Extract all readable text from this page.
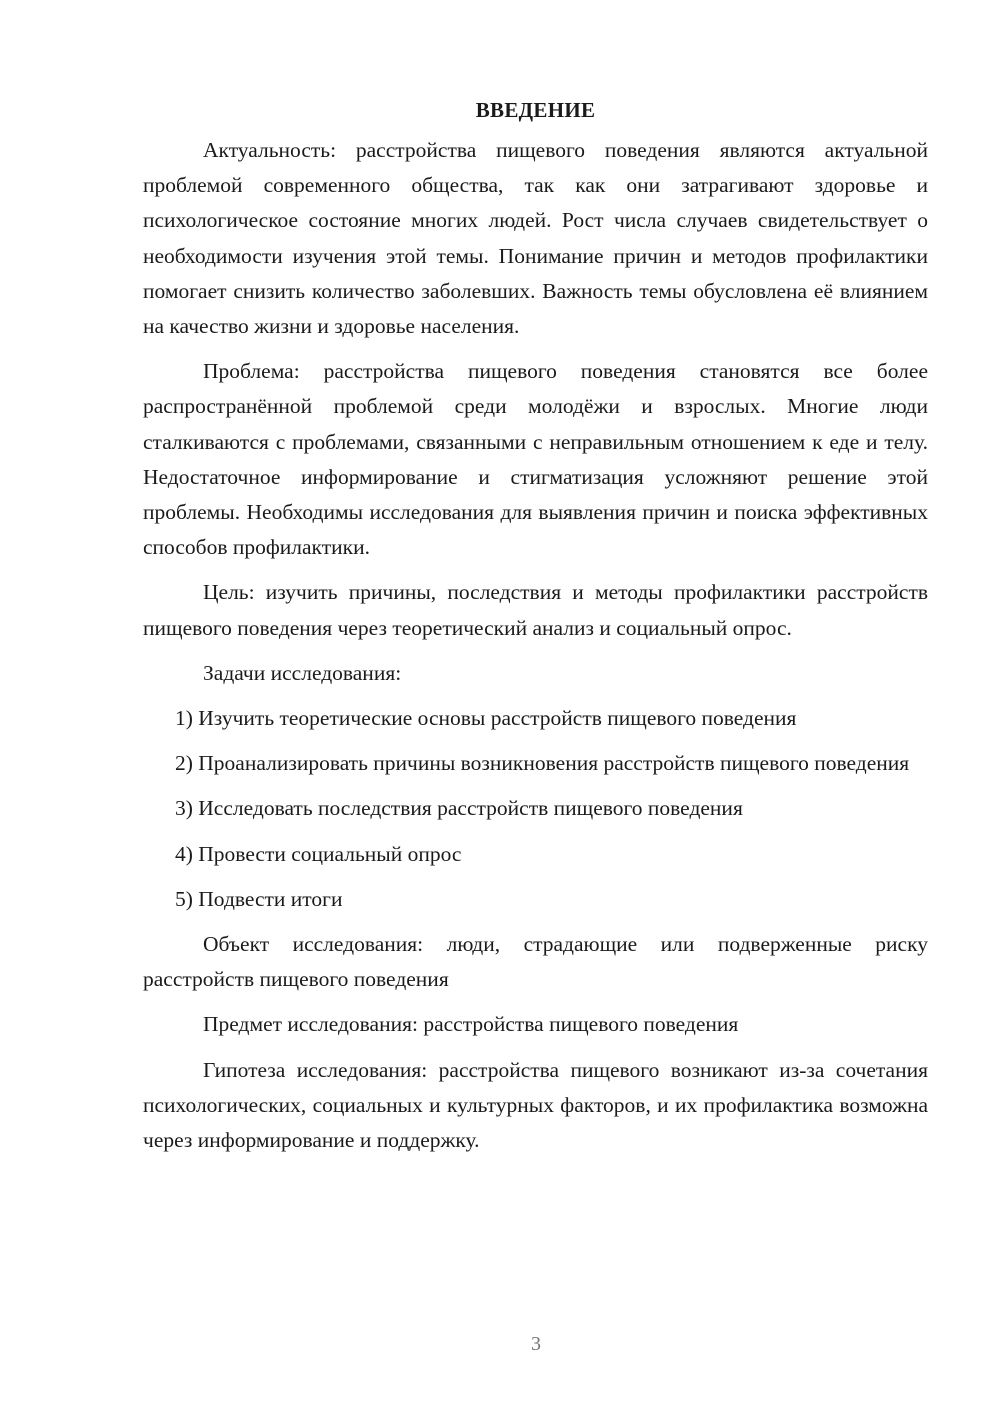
ВВЕДЕНИЕ

Актуальность: расстройства пищевого поведения являются актуальной проблемой современного общества, так как они затрагивают здоровье и психологическое состояние многих людей. Рост числа случаев свидетельствует о необходимости изучения этой темы. Понимание причин и методов профилактики помогает снизить количество заболевших. Важность темы обусловлена её влиянием на качество жизни и здоровье населения.

Проблема: расстройства пищевого поведения становятся все более распространённой проблемой среди молодёжи и взрослых. Многие люди сталкиваются с проблемами, связанными с неправильным отношением к еде и телу. Недостаточное информирование и стигматизация усложняют решение этой проблемы. Необходимы исследования для выявления причин и поиска эффективных способов профилактики.

Цель: изучить причины, последствия и методы профилактики расстройств пищевого поведения через теоретический анализ и социальный опрос.

Задачи исследования:

1) Изучить теоретические основы расстройств пищевого поведения

2) Проанализировать причины возникновения расстройств пищевого поведения

3) Исследовать последствия расстройств пищевого поведения

4) Провести социальный опрос

5) Подвести итоги

Объект исследования: люди, страдающие или подверженные риску расстройств пищевого поведения

Предмет исследования: расстройства пищевого поведения

Гипотеза исследования: расстройства пищевого возникают из-за сочетания психологических, социальных и культурных факторов, и их профилактика возможна через информирование и поддержку.

3
